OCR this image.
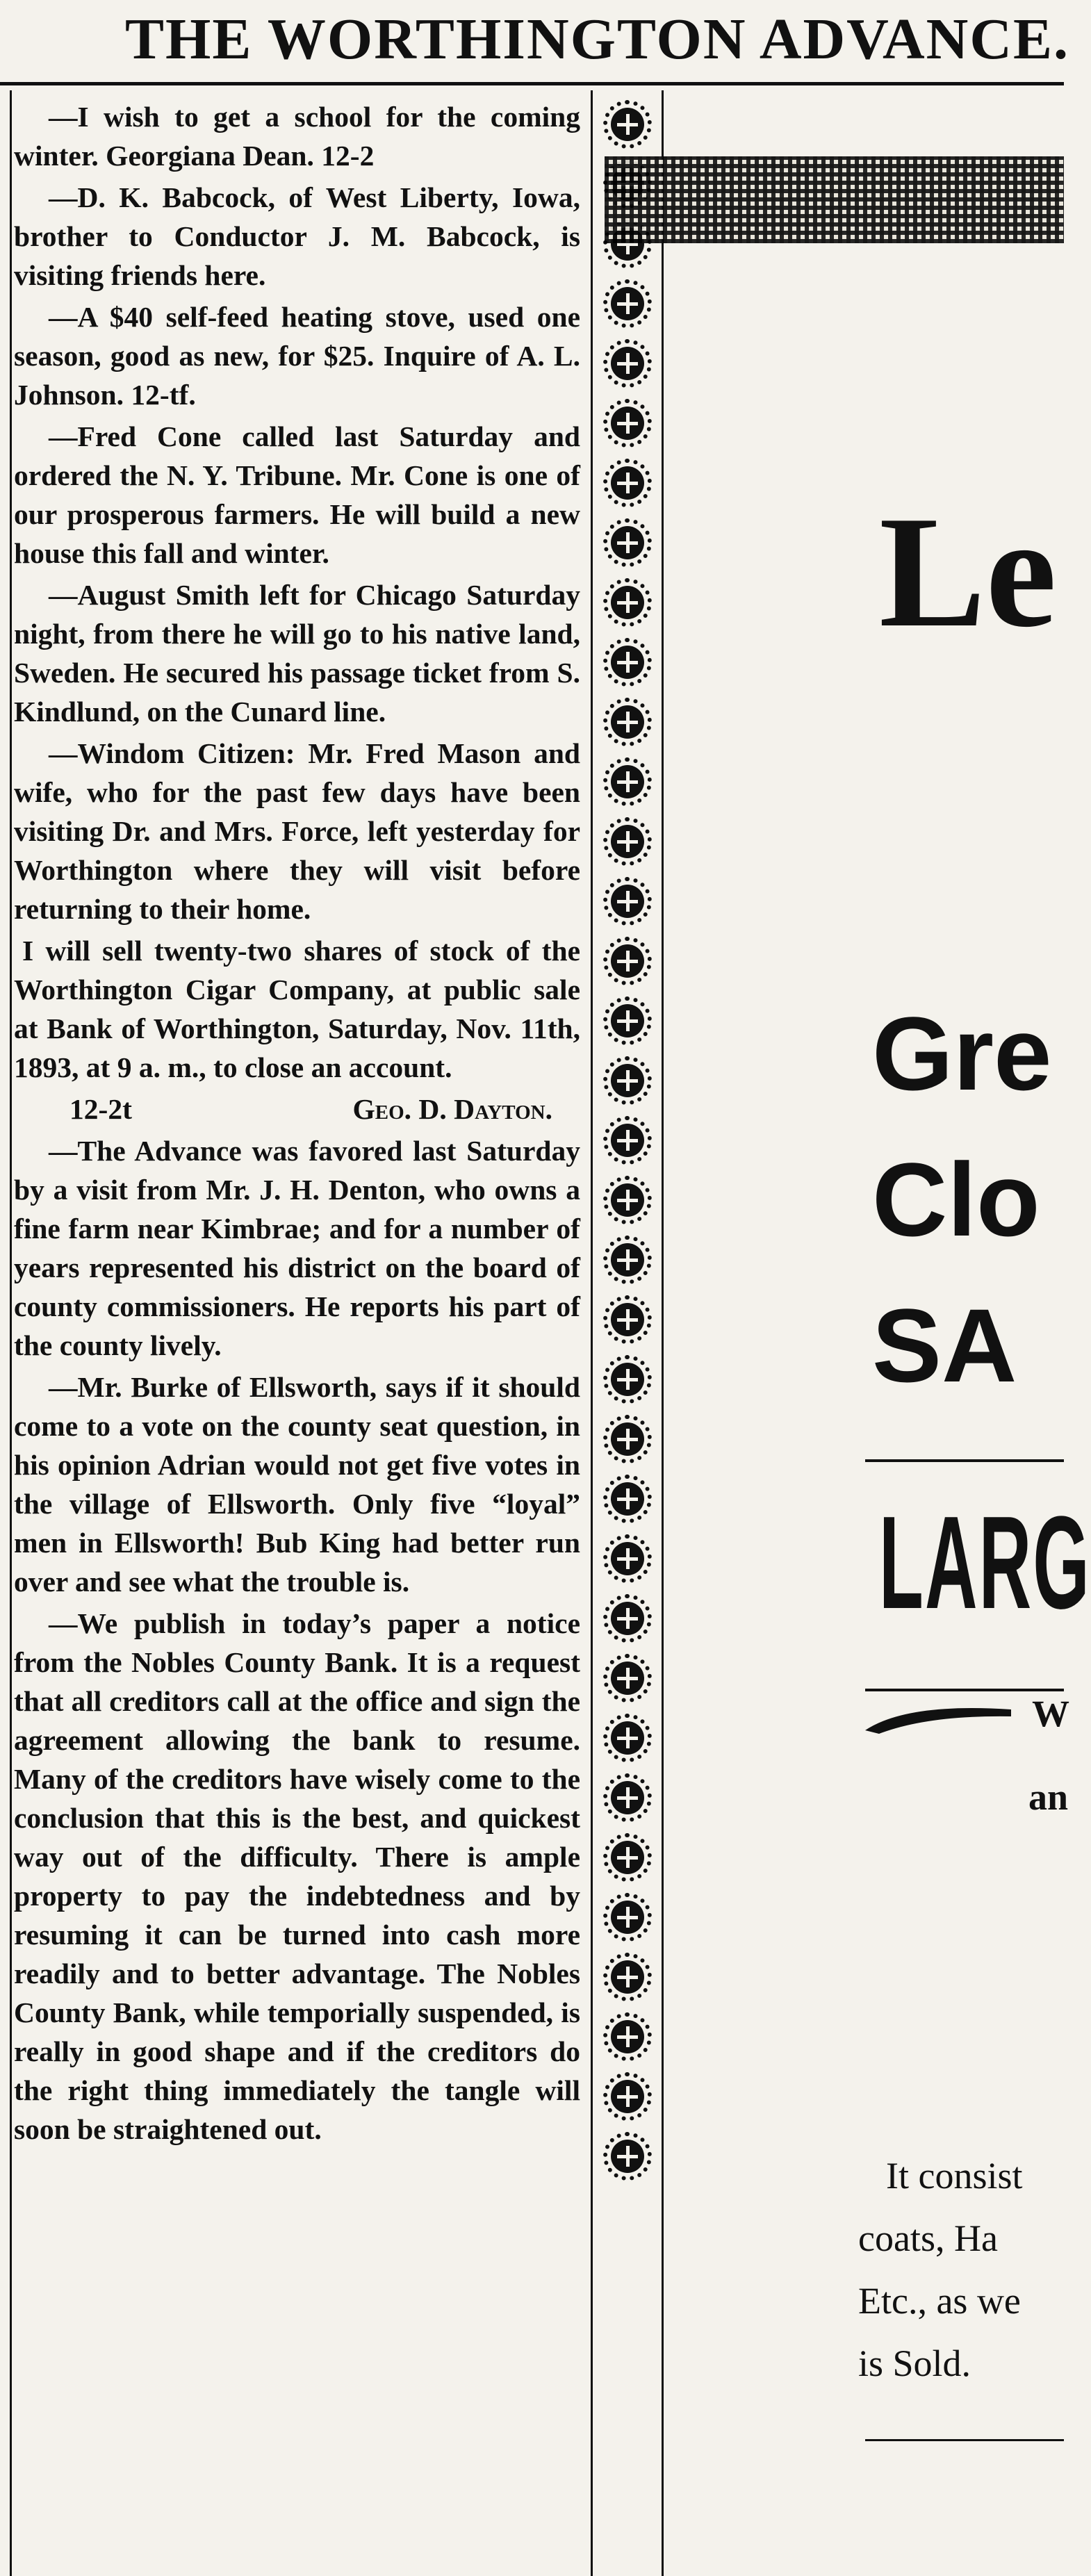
THE WORTHINGTON ADVANCE.

—I wish to get a school for the coming winter. Georgiana Dean. 12-2

—D. K. Babcock, of West Liberty, Iowa, brother to Conductor J. M. Babcock, is visiting friends here.

—A $40 self-feed heating stove, used one season, good as new, for $25. Inquire of A. L. Johnson. 12-tf.

—Fred Cone called last Saturday and ordered the N. Y. Tribune. Mr. Cone is one of our prosperous farmers. He will build a new house this fall and winter.

—August Smith left for Chicago Saturday night, from there he will go to his native land, Sweden. He secured his passage ticket from S. Kindlund, on the Cunard line.

—Windom Citizen: Mr. Fred Mason and wife, who for the past few days have been visiting Dr. and Mrs. Force, left yesterday for Worthington where they will visit before returning to their home.

I will sell twenty-two shares of stock of the Worthington Cigar Company, at public sale at Bank of Worthington, Saturday, Nov. 11th, 1893, at 9 a. m., to close an account.

12-2t	Geo. D. Dayton.

—The Advance was favored last Saturday by a visit from Mr. J. H. Denton, who owns a fine farm near Kimbrae; and for a number of years represented his district on the board of county commissioners. He reports his part of the county lively.

—Mr. Burke of Ellsworth, says if it should come to a vote on the county seat question, in his opinion Adrian would not get five votes in the village of Ellsworth. Only five “loyal” men in Ellsworth! Bub King had better run over and see what the trouble is.

—We publish in today’s paper a notice from the Nobles County Bank. It is a request that all creditors call at the office and sign the agreement allowing the bank to resume. Many of the creditors have wisely come to the conclusion that this is the best, and quickest way out of the difficulty. There is ample property to pay the indebtedness and by resuming it can be turned into cash more readily and to better advantage. The Nobles County Bank, while temporially suspended, is really in good shape and if the creditors do the right thing immediately the tangle will soon be straightened out.

Le
Gre
Clo
SA
LARG
W
an
It consist
coats, Ha
Etc., as we
is Sold.
